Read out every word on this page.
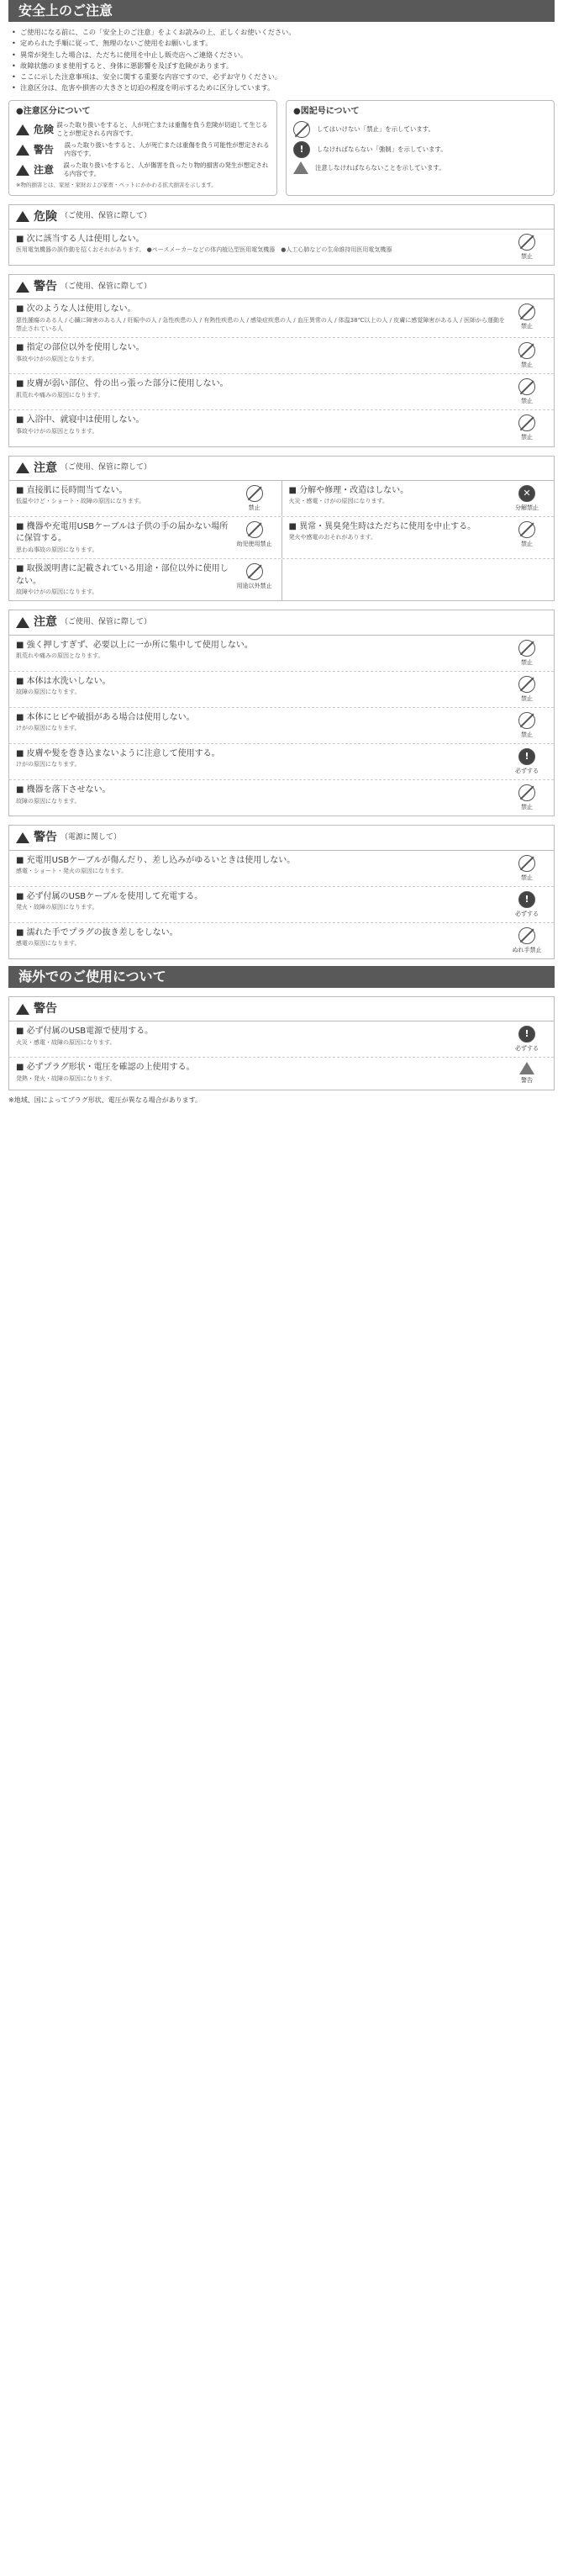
安全上のご注意
• ご使用になる前に、この「安全上のご注意」をよくお読みの上、正しくお使いください。
• 定められた手順に従って、無理のないご使用をお願いします。
• 異常が発生した場合は、ただちに使用を中止し販売店へご連絡ください。
• 故障状態のまま使用すると、身体に悪影響を及ぼす危険があります。
• ここに示した注意事項は、安全に関する重要な内容ですので、必ずお守りください。
• 注意区分は、危害や損害の大きさと切迫の程度を明示するために区分しています。
●注意区分について
危険 誤った取り扱いをすると、人が死亡または重傷を負う危険が切迫して生じることが想定される内容です。
警告 誤った取り扱いをすると、人が死亡または重傷を負う可能性が想定される内容です。
注意 誤った取り扱いをすると、人が傷害を負ったり物的損害の発生が想定される内容です。
※物的損害とは、家屋・家財および家畜・ペットにかかわる拡大損害を示します。
●図記号について
してはいけない「禁止」を示しています。
!	しなければならない「強制」を示しています。
注意しなければならないことを示しています。
危険 （ご使用、保管に際して）
■ 次に該当する人は使用しない。
医用電気機器の誤作動を招くおそれがあります。 ●ペースメーカーなどの体内植込型医用電気機器　●人工心肺などの生命維持用医用電気機器
禁止
警告 （ご使用、保管に際して）
■ 次のような人は使用しない。
悪性腫瘍のある人 / 心臓に障害のある人 / 妊娠中の人 / 急性疾患の人 / 有熱性疾患の人 / 感染症疾患の人 / 血圧異常の人 / 体温38℃以上の人 / 皮膚に感覚障害がある人 / 医師から運動を禁止されている人	禁止
■ 指定の部位以外を使用しない。
事故やけがの原因となります。
禁止
■ 皮膚が弱い部位、骨の出っ張った部分に使用しない。
肌荒れや痛みの原因になります。
禁止
■ 入浴中、就寝中は使用しない。
事故やけがの原因となります。
禁止
注意 （ご使用、保管に際して）
■ 直接肌に長時間当てない。
低温やけど・ショート・故障の原因になります。
禁止
■ 分解や修理・改造はしない。
火災・感電・けがの原因になります。
✕
分解禁止
■ 機器や充電用USBケーブルは子供の手の届かない場所に保管する。
思わぬ事故の原因になります。
幼児使用禁止
■ 異常・異臭発生時はただちに使用を中止する。
発火や感電のおそれがあります。
禁止
■ 取扱説明書に記載されている用途・部位以外に使用しない。
故障やけがの原因になります。
用途以外禁止
注意 （ご使用、保管に際して）
■ 強く押しすぎず、必要以上に一か所に集中して使用しない。
肌荒れや痛みの原因となります。
禁止
■ 本体は水洗いしない。
故障の原因になります。
禁止
■ 本体にヒビや破損がある場合は使用しない。
けがの原因になります。
禁止
■ 皮膚や髪を巻き込まないように注意して使用する。
けがの原因になります。
!
必ずする
■ 機器を落下させない。
故障の原因になります。
禁止
警告 （電源に関して）
■ 充電用USBケーブルが傷んだり、差し込みがゆるいときは使用しない。
感電・ショート・発火の原因になります。
禁止
■ 必ず付属のUSBケーブルを使用して充電する。
発火・故障の原因になります。
!
必ずする
■ 濡れた手でプラグの抜き差しをしない。
感電の原因になります。
ぬれ手禁止
海外でのご使用について
警告
■ 必ず付属のUSB電源で使用する。
火災・感電・故障の原因になります。
!
必ずする
■ 必ずプラグ形状・電圧を確認の上使用する。
発熱・発火・故障の原因になります。	警告
※地域、国によってプラグ形状、電圧が異なる場合があります。
